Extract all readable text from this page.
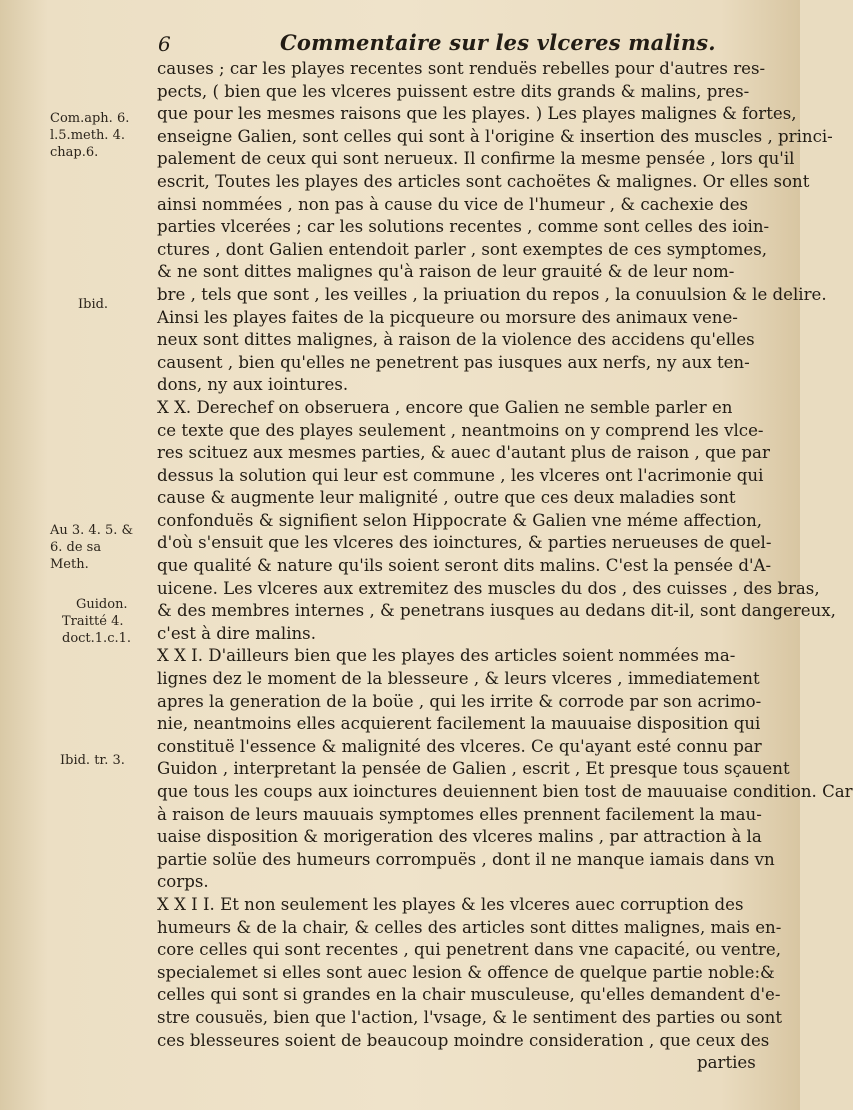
6	Commentaire sur les vlceres malins.
Com.aph. 6.
l.5.meth. 4.
chap.6.
Ibid.
Au 3. 4. 5. &
6. de sa
Meth.
Guidon.
Traitté 4.
doct.1.c.1.
Ibid. tr. 3.
causes ; car les playes recentes sont renduës rebelles pour d'autres res-
pects, ( bien que les vlceres puissent estre dits grands & malins, pres-
que pour les mesmes raisons que les playes. ) Les playes malignes & fortes,
enseigne Galien, sont celles qui sont à l'origine & insertion des muscles , princi-
palement de ceux qui sont nerueux. Il confirme la mesme pensée , lors qu'il
escrit, Toutes les playes des articles sont cachoëtes & malignes. Or elles sont
ainsi nommées , non pas à cause du vice de l'humeur , & cachexie des
parties vlcerées ; car les solutions recentes , comme sont celles des ioin-
ctures , dont Galien entendoit parler , sont exemptes de ces symptomes,
& ne sont dittes malignes qu'à raison de leur grauité & de leur nom-
bre , tels que sont , les veilles , la priuation du repos , la conuulsion & le delire.
Ainsi les playes faites de la picqueure ou morsure des animaux vene-
neux sont dittes malignes, à raison de la violence des accidens qu'elles
causent , bien qu'elles ne penetrent pas iusques aux nerfs, ny aux ten-
dons, ny aux iointures.
X X. Derechef on obseruera , encore que Galien ne semble parler en
ce texte que des playes seulement , neantmoins on y comprend les vlce-
res scituez aux mesmes parties, & auec d'autant plus de raison , que par
dessus la solution qui leur est commune , les vlceres ont l'acrimonie qui
cause & augmente leur malignité , outre que ces deux maladies sont
confonduës & signifient selon Hippocrate & Galien vne méme affection,
d'où s'ensuit que les vlceres des ioinctures, & parties nerueuses de quel-
que qualité & nature qu'ils soient seront dits malins. C'est la pensée d'A-
uicene. Les vlceres aux extremitez des muscles du dos , des cuisses , des bras,
& des membres internes , & penetrans iusques au dedans dit-il, sont dangereux,
c'est à dire malins.
X X I. D'ailleurs bien que les playes des articles soient nommées ma-
lignes dez le moment de la blesseure , & leurs vlceres , immediatement
apres la generation de la boüe , qui les irrite & corrode par son acrimo-
nie, neantmoins elles acquierent facilement la mauuaise disposition qui
constituë l'essence & malignité des vlceres. Ce qu'ayant esté connu par
Guidon , interpretant la pensée de Galien , escrit , Et presque tous sçauent
que tous les coups aux ioinctures deuiennent bien tost de mauuaise condition. Car
à raison de leurs mauuais symptomes elles prennent facilement la mau-
uaise disposition & morigeration des vlceres malins , par attraction à la
partie solüe des humeurs corrompuës , dont il ne manque iamais dans vn
corps.
X X I I. Et non seulement les playes & les vlceres auec corruption des
humeurs & de la chair, & celles des articles sont dittes malignes, mais en-
core celles qui sont recentes , qui penetrent dans vne capacité, ou ventre,
specialemet si elles sont auec lesion & offence de quelque partie noble:&
celles qui sont si grandes en la chair musculeuse, qu'elles demandent d'e-
stre cousuës, bien que l'action, l'vsage, & le sentiment des parties ou sont
ces blesseures soient de beaucoup moindre consideration , que ceux des
parties
